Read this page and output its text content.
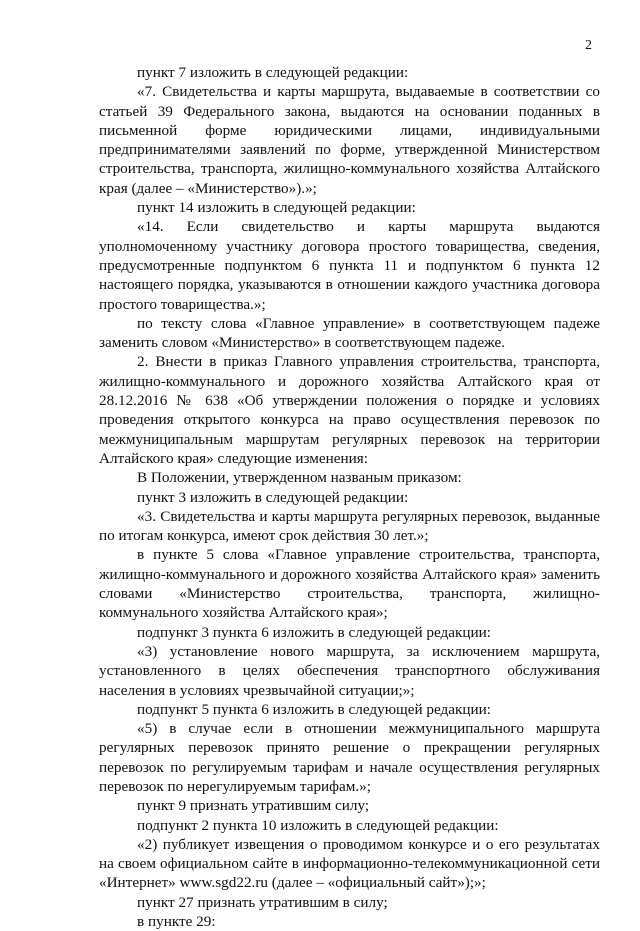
2

пункт 7 изложить в следующей редакции:

«7. Свидетельства и карты маршрута, выдаваемые в соответствии со статьей 39 Федерального закона, выдаются на основании поданных в письменной форме юридическими лицами, индивидуальными предпринимателями заявлений по форме, утвержденной Министерством строительства, транспорта, жилищно-коммунального хозяйства Алтайского края (далее – «Министерство»).»;

пункт 14 изложить в следующей редакции:

«14. Если свидетельство и карты маршрута выдаются уполномоченному участнику договора простого товарищества, сведения, предусмотренные подпунктом 6 пункта 11 и подпунктом 6 пункта 12 настоящего порядка, указываются в отношении каждого участника договора простого товарищества.»;

по тексту слова «Главное управление» в соответствующем падеже заменить словом «Министерство» в соответствующем падеже.

2. Внести в приказ Главного управления строительства, транспорта, жилищно-коммунального и дорожного хозяйства Алтайского края от 28.12.2016 № 638 «Об утверждении положения о порядке и условиях проведения открытого конкурса на право осуществления перевозок по межмуниципальным маршрутам регулярных перевозок на территории Алтайского края» следующие изменения:

В Положении, утвержденном названым приказом:

пункт 3 изложить в следующей редакции:

«3. Свидетельства и карты маршрута регулярных перевозок, выданные по итогам конкурса, имеют срок действия 30 лет.»;

в пункте 5 слова «Главное управление строительства, транспорта, жилищно-коммунального и дорожного хозяйства Алтайского края» заменить словами «Министерство строительства, транспорта, жилищно-коммунального хозяйства Алтайского края»;

подпункт 3 пункта 6 изложить в следующей редакции:

«3) установление нового маршрута, за исключением маршрута, установленного в целях обеспечения транспортного обслуживания населения в условиях чрезвычайной ситуации;»;

подпункт 5 пункта 6 изложить в следующей редакции:

«5) в случае если в отношении межмуниципального маршрута регулярных перевозок принято решение о прекращении регулярных перевозок по регулируемым тарифам и начале осуществления регулярных перевозок по нерегулируемым тарифам.»;

пункт 9 признать утратившим силу;

подпункт 2 пункта 10 изложить в следующей редакции:

«2) публикует извещения о проводимом конкурсе и о его результатах на своем официальном сайте в информационно-телекоммуникационной сети «Интернет» www.sgd22.ru (далее – «официальный сайт»);»;

пункт 27 признать утратившим в силу;

в пункте 29:
